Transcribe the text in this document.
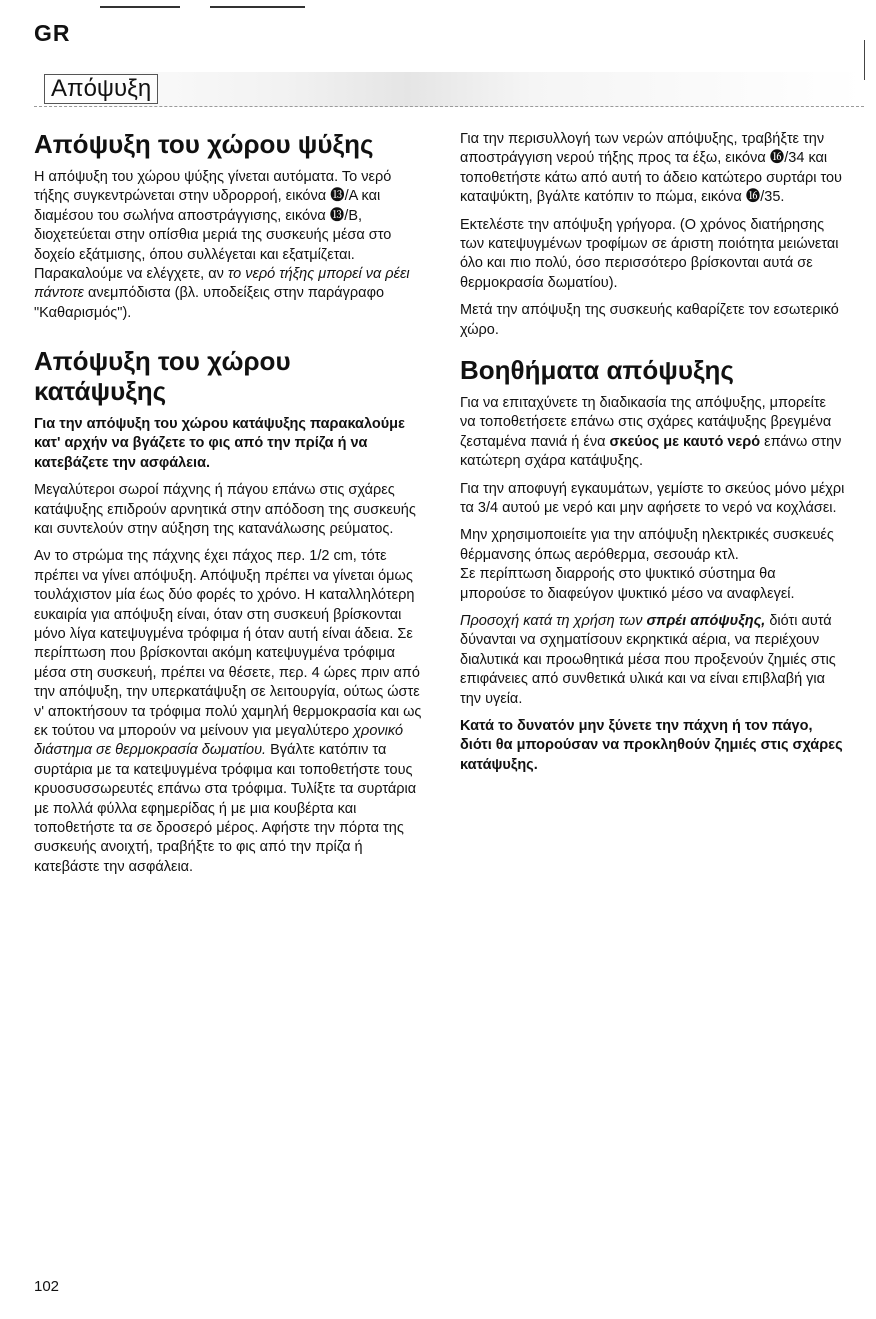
GR
Απόψυξη
Απόψυξη του χώρου ψύξης

Η απόψυξη του χώρου ψύξης γίνεται αυτόματα. Το νερό τήξης συγκεντρώνεται στην υδρορροή, εικόνα ⓭/A και διαμέσου του σωλήνα αποστράγγισης, εικόνα ⓭/B, διοχετεύεται στην οπίσθια μεριά της συσκευής μέσα στο δοχείο εξάτμισης, όπου συλλέγεται και εξατμίζεται. Παρακαλούμε να ελέγχετε, αν το νερό τήξης μπορεί να ρέει πάντοτε ανεμπόδιστα (βλ. υποδείξεις στην παράγραφο "Καθαρισμός").

Απόψυξη του χώρου κατάψυξης

Για την απόψυξη του χώρου κατάψυξης παρακαλούμε κατ' αρχήν να βγάζετε το φις από την πρίζα ή να κατεβάζετε την ασφάλεια.

Μεγαλύτεροι σωροί πάχνης ή πάγου επάνω στις σχάρες κατάψυξης επιδρούν αρνητικά στην απόδοση της συσκευής και συντελούν στην αύξηση της κατανάλωσης ρεύματος.

Αν το στρώμα της πάχνης έχει πάχος περ. 1/2 cm, τότε πρέπει να γίνει απόψυξη. Απόψυξη πρέπει να γίνεται όμως τουλάχιστον μία έως δύο φορές το χρόνο. Η καταλληλότερη ευκαιρία για απόψυξη είναι, όταν στη συσκευή βρίσκονται μόνο λίγα κατεψυγμένα τρόφιμα ή όταν αυτή είναι άδεια. Σε περίπτωση που βρίσκονται ακόμη κατεψυγμένα τρόφιμα μέσα στη συσκευή, πρέπει να θέσετε, περ. 4 ώρες πριν από την απόψυξη, την υπερκατάψυξη σε λειτουργία, ούτως ώστε ν' αποκτήσουν τα τρόφιμα πολύ χαμηλή θερμοκρασία και ως εκ τούτου να μπορούν να μείνουν για μεγαλύτερο χρονικό διάστημα σε θερμοκρασία δωματίου. Βγάλτε κατόπιν τα συρτάρια με τα κατεψυγμένα τρόφιμα και τοποθετήστε τους κρυοσυσσωρευτές επάνω στα τρόφιμα. Τυλίξτε τα συρτάρια με πολλά φύλλα εφημερίδας ή με μια κουβέρτα και τοποθετήστε τα σε δροσερό μέρος. Αφήστε την πόρτα της συσκευής ανοιχτή, τραβήξτε το φις από την πρίζα ή κατεβάστε την ασφάλεια.

Για την περισυλλογή των νερών απόψυξης, τραβήξτε την αποστράγγιση νερού τήξης προς τα έξω, εικόνα ⓰/34 και τοποθετήστε κάτω από αυτή το άδειο κατώτερο συρτάρι του καταψύκτη, βγάλτε κατόπιν το πώμα, εικόνα ⓰/35.

Εκτελέστε την απόψυξη γρήγορα. (Ο χρόνος διατήρησης των κατεψυγμένων τροφίμων σε άριστη ποιότητα μειώνεται όλο και πιο πολύ, όσο περισσότερο βρίσκονται αυτά σε θερμοκρασία δωματίου).

Μετά την απόψυξη της συσκευής καθαρίζετε τον εσωτερικό χώρο.

Βοηθήματα απόψυξης

Για να επιταχύνετε τη διαδικασία της απόψυξης, μπορείτε να τοποθετήσετε επάνω στις σχάρες κατάψυξης βρεγμένα ζεσταμένα πανιά ή ένα σκεύος με καυτό νερό επάνω στην κατώτερη σχάρα κατάψυξης.

Για την αποφυγή εγκαυμάτων, γεμίστε το σκεύος μόνο μέχρι τα 3/4 αυτού με νερό και μην αφήσετε το νερό να κοχλάσει.

Μην χρησιμοποιείτε για την απόψυξη ηλεκτρικές συσκευές θέρμανσης όπως αερόθερμα, σεσουάρ κτλ.
Σε περίπτωση διαρροής στο ψυκτικό σύστημα θα μπορούσε το διαφεύγον ψυκτικό μέσο να αναφλεγεί.

Προσοχή κατά τη χρήση των σπρέι απόψυξης, διότι αυτά δύνανται να σχηματίσουν εκρηκτικά αέρια, να περιέχουν διαλυτικά και προωθητικά μέσα που προξενούν ζημιές στις επιφάνειες από συνθετικά υλικά και να είναι επιβλαβή για την υγεία.

Κατά το δυνατόν μην ξύνετε την πάχνη ή τον πάγο, διότι θα μπορούσαν να προκληθούν ζημιές στις σχάρες κατάψυξης.

102
